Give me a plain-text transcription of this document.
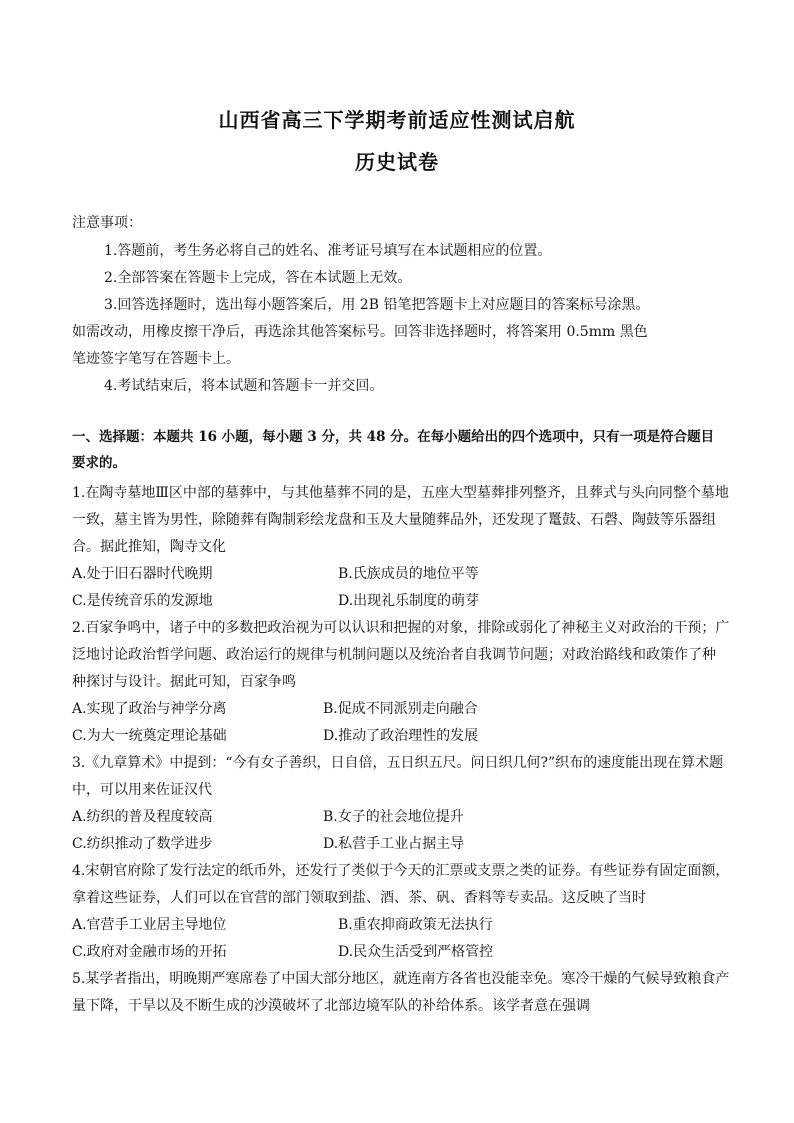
山西省高三下学期考前适应性测试启航
历史试卷
注意事项：
1.答题前，考生务必将自己的姓名、准考证号填写在本试题相应的位置。
2.全部答案在答题卡上完成，答在本试题上无效。
3.回答选择题时，选出每小题答案后，用 2B 铅笔把答题卡上对应题目的答案标号涂黑。
如需改动，用橡皮擦干净后，再选涂其他答案标号。回答非选择题时，将答案用 0.5mm 黑色
笔迹签字笔写在答题卡上。
4.考试结束后，将本试题和答题卡一并交回。
一、选择题：本题共 16 小题，每小题 3 分，共 48 分。在每小题给出的四个选项中，只有一项是符合题目
要求的。
1.在陶寺墓地Ⅲ区中部的墓葬中，与其他墓葬不同的是，五座大型墓葬排列整齐，且葬式与头向同整个墓地
一致，墓主皆为男性，除随葬有陶制彩绘龙盘和玉及大量随葬品外，还发现了鼍鼓、石磬、陶鼓等乐器组
合。据此推知，陶寺文化
A.处于旧石器时代晚期	B.氏族成员的地位平等
C.是传统音乐的发源地	D.出现礼乐制度的萌芽
2.百家争鸣中，诸子中的多数把政治视为可以认识和把握的对象，排除或弱化了神秘主义对政治的干预；广
泛地讨论政治哲学问题、政治运行的规律与机制问题以及统治者自我调节问题；对政治路线和政策作了种
种探讨与设计。据此可知，百家争鸣
A.实现了政治与神学分离	B.促成不同派别走向融合
C.为大一统奠定理论基础	D.推动了政治理性的发展
3.《九章算术》中提到：“今有女子善织，日自倍，五日织五尺。问日织几何?”织布的速度能出现在算术题
中，可以用来佐证汉代
A.纺织的普及程度较高	B.女子的社会地位提升
C.纺织推动了数学进步	D.私营手工业占据主导
4.宋朝官府除了发行法定的纸币外，还发行了类似于今天的汇票或支票之类的证券。有些证券有固定面额，
拿着这些证券，人们可以在官营的部门领取到盐、酒、茶、矾、香料等专卖品。这反映了当时
A.官营手工业居主导地位	B.重农抑商政策无法执行
C.政府对金融市场的开拓	D.民众生活受到严格管控
5.某学者指出，明晚期严寒席卷了中国大部分地区，就连南方各省也没能幸免。寒冷干燥的气候导致粮食产
量下降，干旱以及不断生成的沙漠破坏了北部边境军队的补给体系。该学者意在强调
